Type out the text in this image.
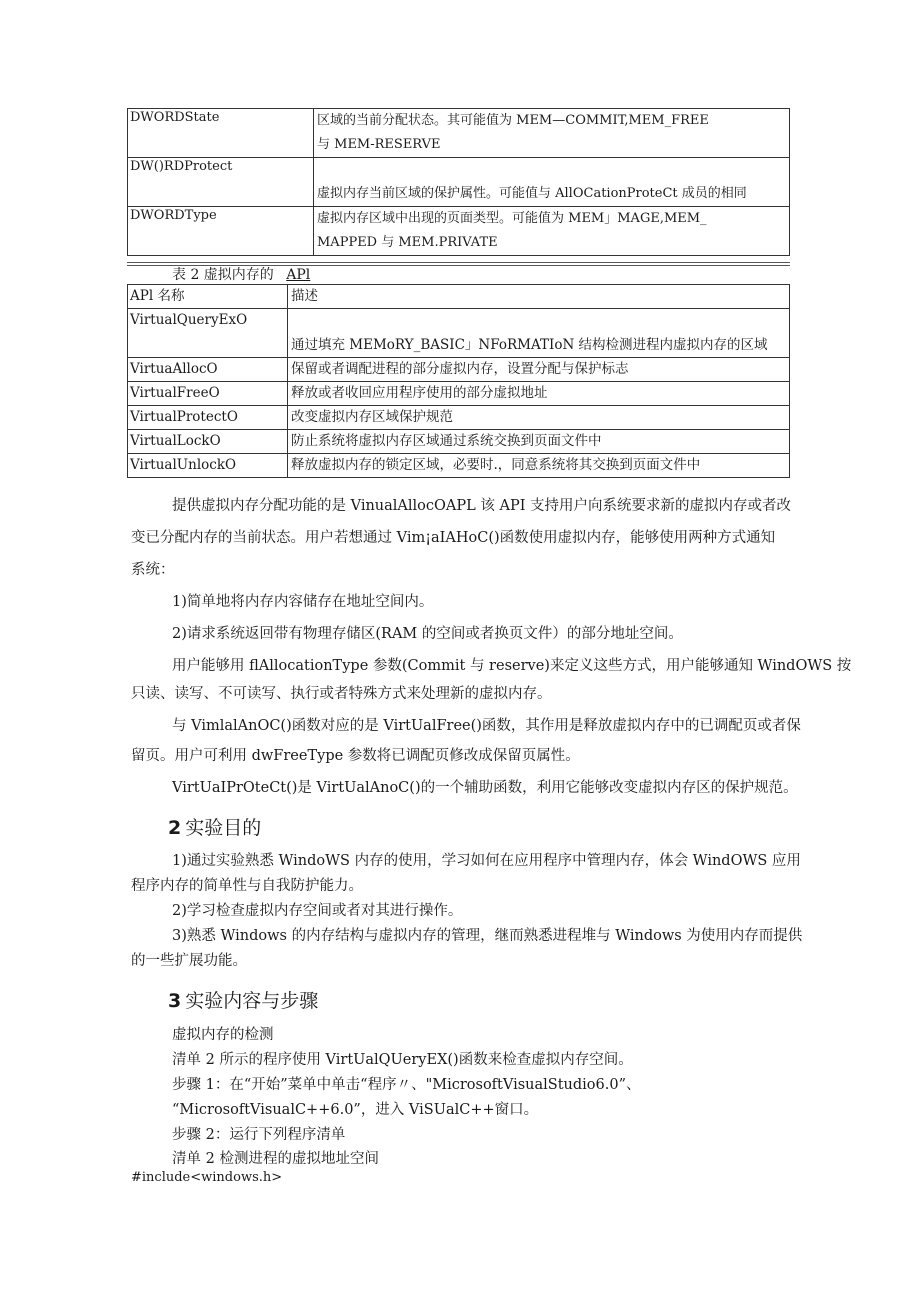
DWORDState	区域的当前分配状态。其可能值为 MEM—COMMIT,MEM_FREE
与 MEM-RESERVE

DW()RDProtect	虚拟内存当前区域的保护属性。可能值与 AllOCationProteCt 成员的相同

DWORDType	虚拟内存区域中出现的页面类型。可能值为 MEM」MAGE,MEM_
MAPPED 与 MEM.PRIVATE
表 2 虚拟内存的 APl
APl 名称	描述
VirtualQueryExO	通过填充 MEMoRY_BASIC」NFoRMATIoN 结构检测进程内虚拟内存的区域
VirtuaAllocO	保留或者调配进程的部分虚拟内存，设置分配与保护标志
VirtualFreeO	释放或者收回应用程序使用的部分虚拟地址
VirtualProtectO	改变虚拟内存区域保护规范
VirtualLockO	防止系统将虚拟内存区域通过系统交换到页面文件中
VirtualUnlockO	释放虚拟内存的锁定区域，必要时.，同意系统将其交换到页面文件中
提供虚拟内存分配功能的是 VinualAllocOAPL 该 API 支持用户向系统要求新的虚拟内存或者改
变已分配内存的当前状态。用户若想通过 Vim¡aIAHoC()函数使用虚拟内存，能够使用两种方式通知
系统：
1)简单地将内存内容储存在地址空间内。
2)请求系统返回带有物理存储区(RAM 的空间或者换页文件）的部分地址空间。
用户能够用 flAllocationType 参数(Commit 与 reserve)来定义这些方式，用户能够通知 WindOWS 按
只读、读写、不可读写、执行或者特殊方式来处理新的虚拟内存。
与 VimlalAnOC()函数对应的是 VirtUalFree()函数，其作用是释放虚拟内存中的已调配页或者保
留页。用户可利用 dwFreeType 参数将已调配页修改成保留页属性。
VirtUaIPrOteCt()是 VirtUalAnoC()的一个辅助函数，利用它能够改变虚拟内存区的保护规范。
2 实验目的
1)通过实验熟悉 WindoWS 内存的使用，学习如何在应用程序中管理内存，体会 WindOWS 应用
程序内存的简单性与自我防护能力。
2)学习检查虚拟内存空间或者对其进行操作。
3)熟悉 Windows 的内存结构与虚拟内存的管理，继而熟悉进程堆与 Windows 为使用内存而提供
的一些扩展功能。
3 实验内容与步骤
虚拟内存的检测
清单 2 所示的程序使用 VirtUalQUeryEX()函数来检查虚拟内存空间。
步骤 1：在“开始”菜单中单击“程序〃、"MicrosoftVisualStudio6.0”、
“MicrosoftVisualC++6.0”，进入 ViSUalC++窗口。
步骤 2：运行下列程序清单
清单 2 检测进程的虚拟地址空间
#include<windows.h>
